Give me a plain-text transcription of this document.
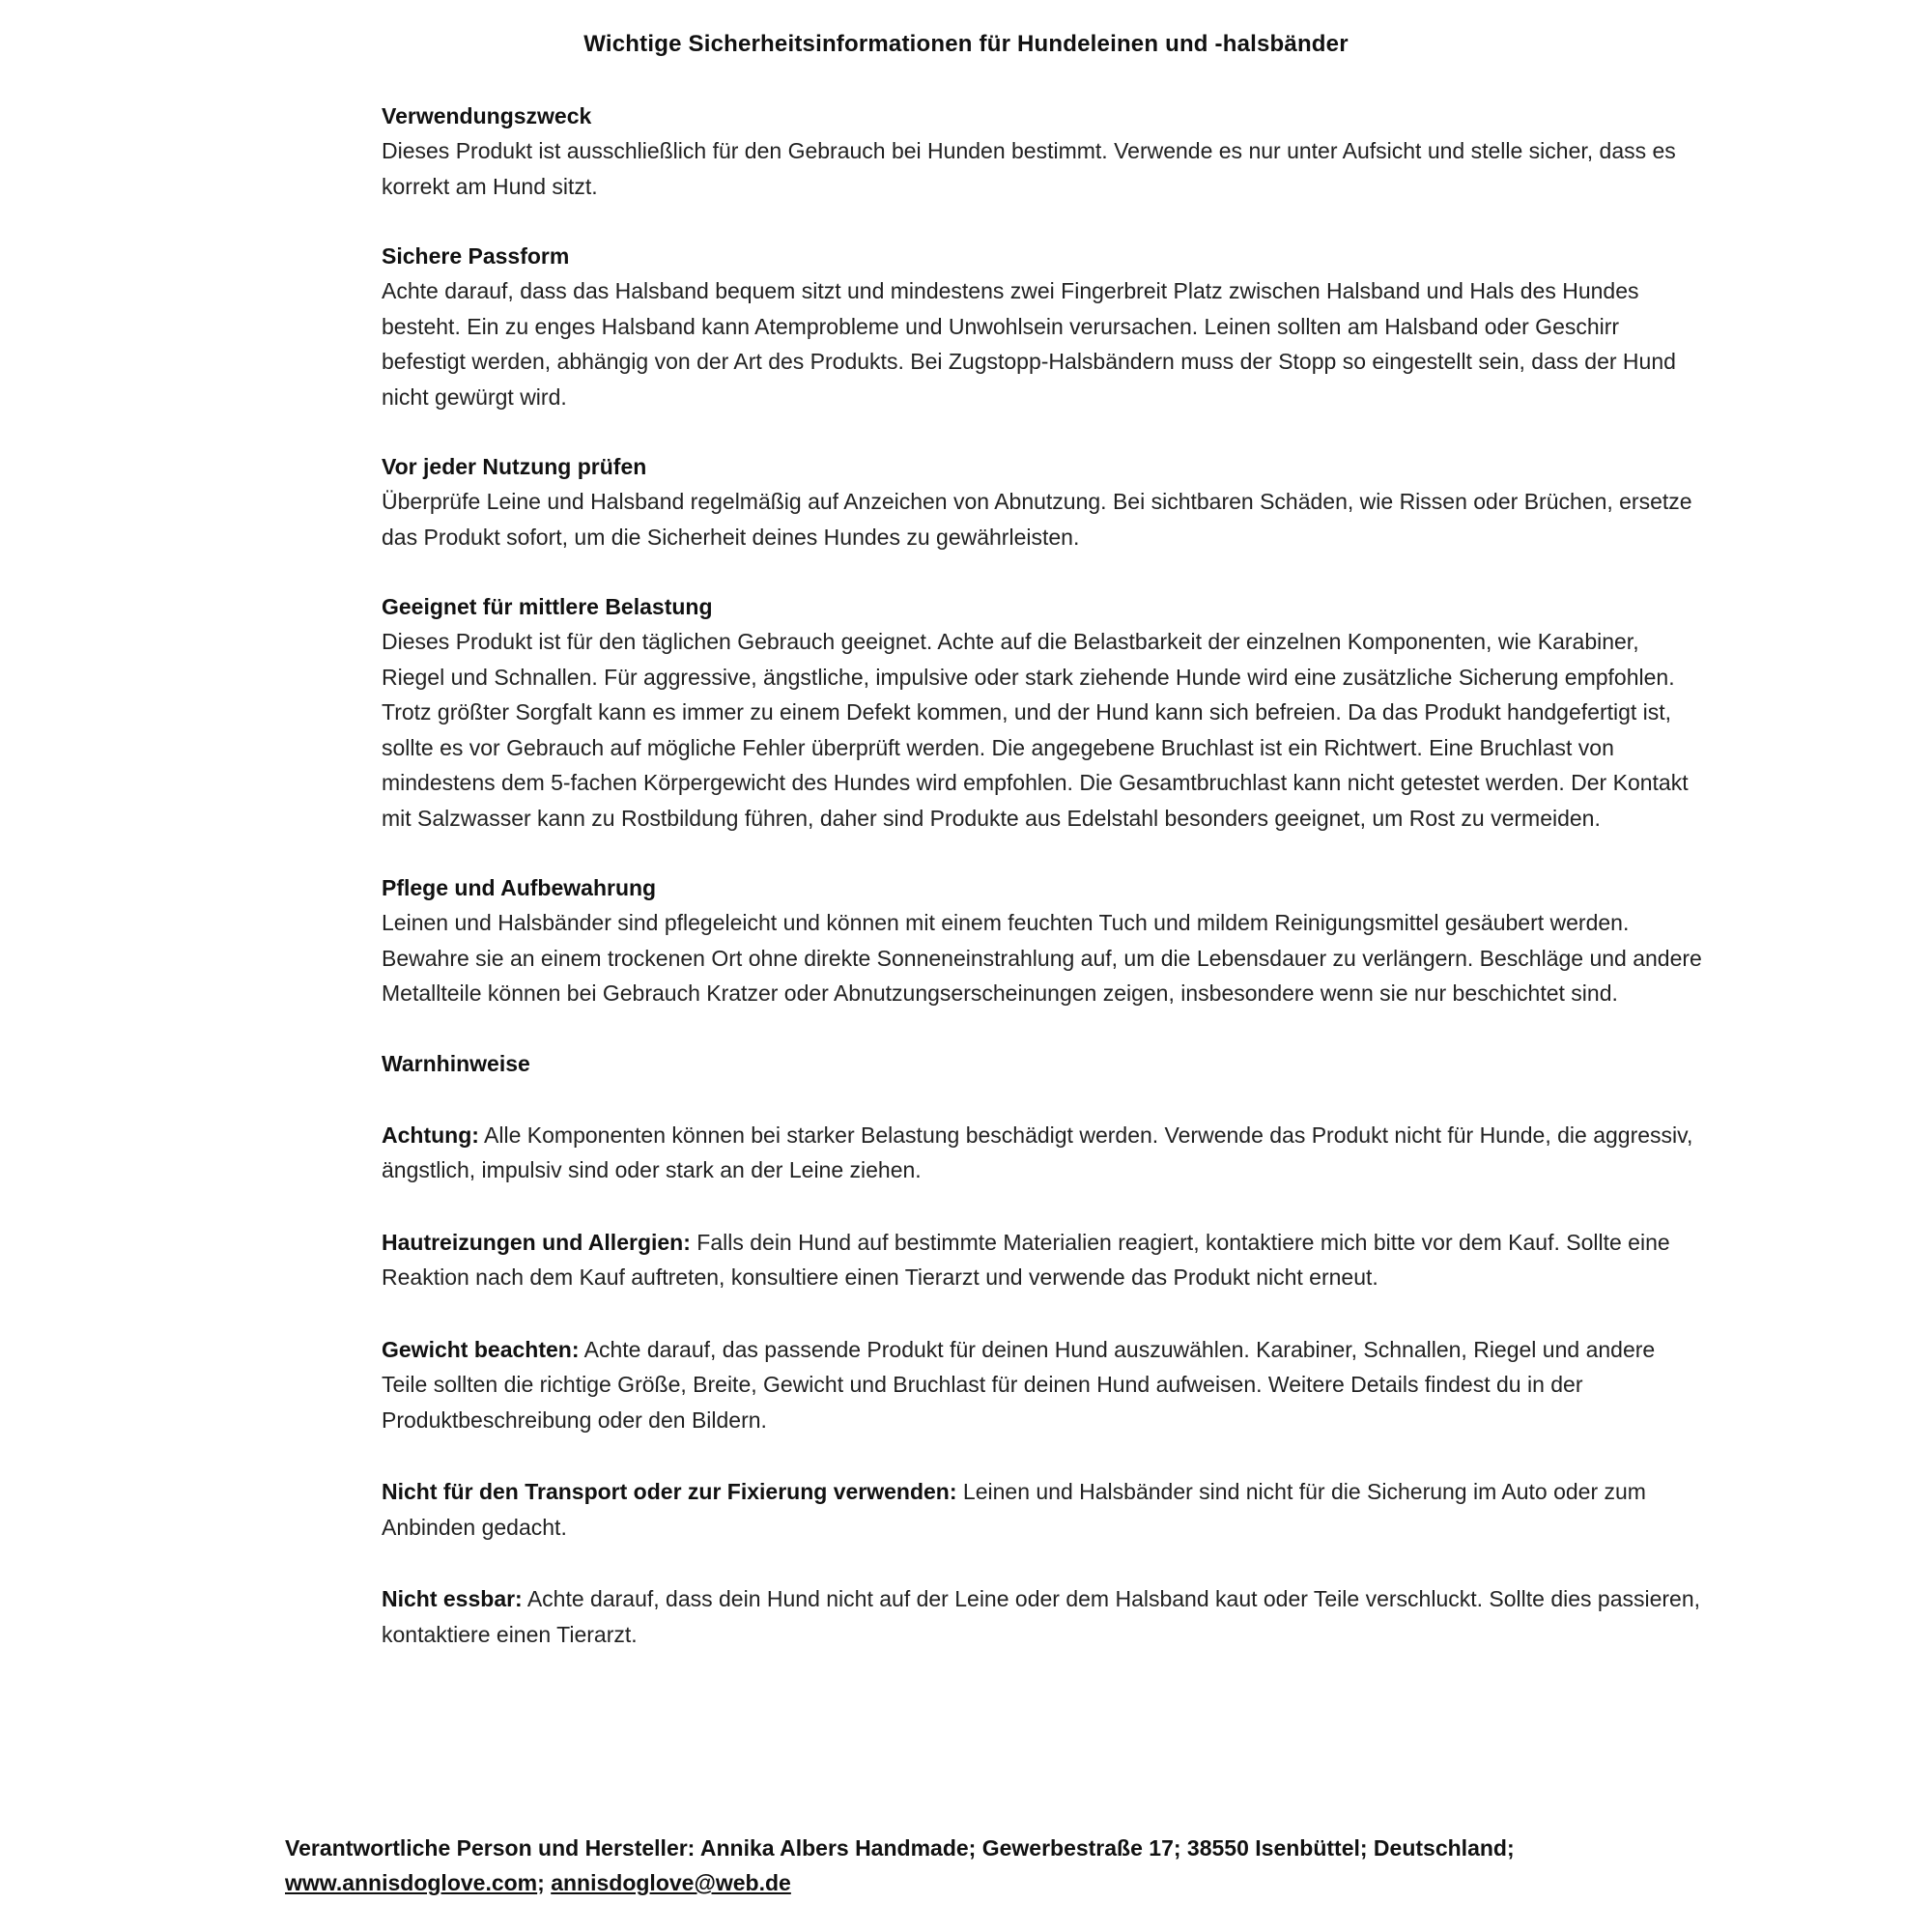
Wichtige Sicherheitsinformationen für Hundeleinen und -halsbänder
Verwendungszweck
Dieses Produkt ist ausschließlich für den Gebrauch bei Hunden bestimmt. Verwende es nur unter Aufsicht und stelle sicher, dass es korrekt am Hund sitzt.
Sichere Passform
Achte darauf, dass das Halsband bequem sitzt und mindestens zwei Fingerbreit Platz zwischen Halsband und Hals des Hundes besteht. Ein zu enges Halsband kann Atemprobleme und Unwohlsein verursachen. Leinen sollten am Halsband oder Geschirr befestigt werden, abhängig von der Art des Produkts. Bei Zugstopp-Halsbändern muss der Stopp so eingestellt sein, dass der Hund nicht gewürgt wird.
Vor jeder Nutzung prüfen
Überprüfe Leine und Halsband regelmäßig auf Anzeichen von Abnutzung. Bei sichtbaren Schäden, wie Rissen oder Brüchen, ersetze das Produkt sofort, um die Sicherheit deines Hundes zu gewährleisten.
Geeignet für mittlere Belastung
Dieses Produkt ist für den täglichen Gebrauch geeignet. Achte auf die Belastbarkeit der einzelnen Komponenten, wie Karabiner, Riegel und Schnallen. Für aggressive, ängstliche, impulsive oder stark ziehende Hunde wird eine zusätzliche Sicherung empfohlen. Trotz größter Sorgfalt kann es immer zu einem Defekt kommen, und der Hund kann sich befreien. Da das Produkt handgefertigt ist, sollte es vor Gebrauch auf mögliche Fehler überprüft werden. Die angegebene Bruchlast ist ein Richtwert. Eine Bruchlast von mindestens dem 5-fachen Körpergewicht des Hundes wird empfohlen. Die Gesamtbruchlast kann nicht getestet werden. Der Kontakt mit Salzwasser kann zu Rostbildung führen, daher sind Produkte aus Edelstahl besonders geeignet, um Rost zu vermeiden.
Pflege und Aufbewahrung
Leinen und Halsbänder sind pflegeleicht und können mit einem feuchten Tuch und mildem Reinigungsmittel gesäubert werden. Bewahre sie an einem trockenen Ort ohne direkte Sonneneinstrahlung auf, um die Lebensdauer zu verlängern. Beschläge und andere Metallteile können bei Gebrauch Kratzer oder Abnutzungserscheinungen zeigen, insbesondere wenn sie nur beschichtet sind.
Warnhinweise
Achtung: Alle Komponenten können bei starker Belastung beschädigt werden. Verwende das Produkt nicht für Hunde, die aggressiv, ängstlich, impulsiv sind oder stark an der Leine ziehen.
Hautreizungen und Allergien: Falls dein Hund auf bestimmte Materialien reagiert, kontaktiere mich bitte vor dem Kauf. Sollte eine Reaktion nach dem Kauf auftreten, konsultiere einen Tierarzt und verwende das Produkt nicht erneut.
Gewicht beachten: Achte darauf, das passende Produkt für deinen Hund auszuwählen. Karabiner, Schnallen, Riegel und andere Teile sollten die richtige Größe, Breite, Gewicht und Bruchlast für deinen Hund aufweisen. Weitere Details findest du in der Produktbeschreibung oder den Bildern.
Nicht für den Transport oder zur Fixierung verwenden: Leinen und Halsbänder sind nicht für die Sicherung im Auto oder zum Anbinden gedacht.
Nicht essbar: Achte darauf, dass dein Hund nicht auf der Leine oder dem Halsband kaut oder Teile verschluckt. Sollte dies passieren, kontaktiere einen Tierarzt.
Verantwortliche Person und Hersteller: Annika Albers Handmade; Gewerbestraße 17; 38550 Isenbüttel; Deutschland;
www.annisdoglove.com; annisdoglove@web.de
